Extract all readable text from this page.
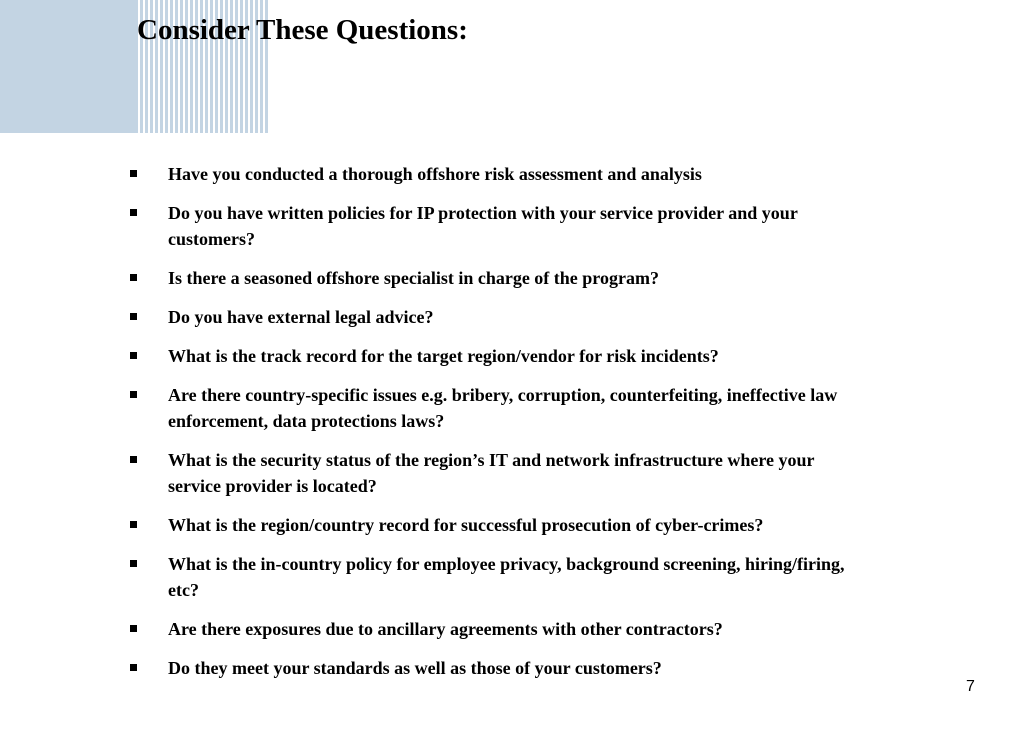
Consider These Questions:
Have you conducted a thorough offshore risk assessment and analysis
Do you have written policies for IP protection with your service provider and your customers?
Is there a seasoned offshore specialist in charge of the program?
Do you have external legal advice?
What is the track record for the target region/vendor for risk incidents?
Are there country-specific issues e.g. bribery, corruption, counterfeiting, ineffective law enforcement, data protections laws?
What is the security status of the region’s IT and network infrastructure where your service provider is located?
What is the region/country record for successful prosecution of cyber-crimes?
What is the in-country policy for employee privacy, background screening, hiring/firing, etc?
Are there exposures due to ancillary agreements with other contractors?
Do they meet your standards as well as those of your customers?
7
